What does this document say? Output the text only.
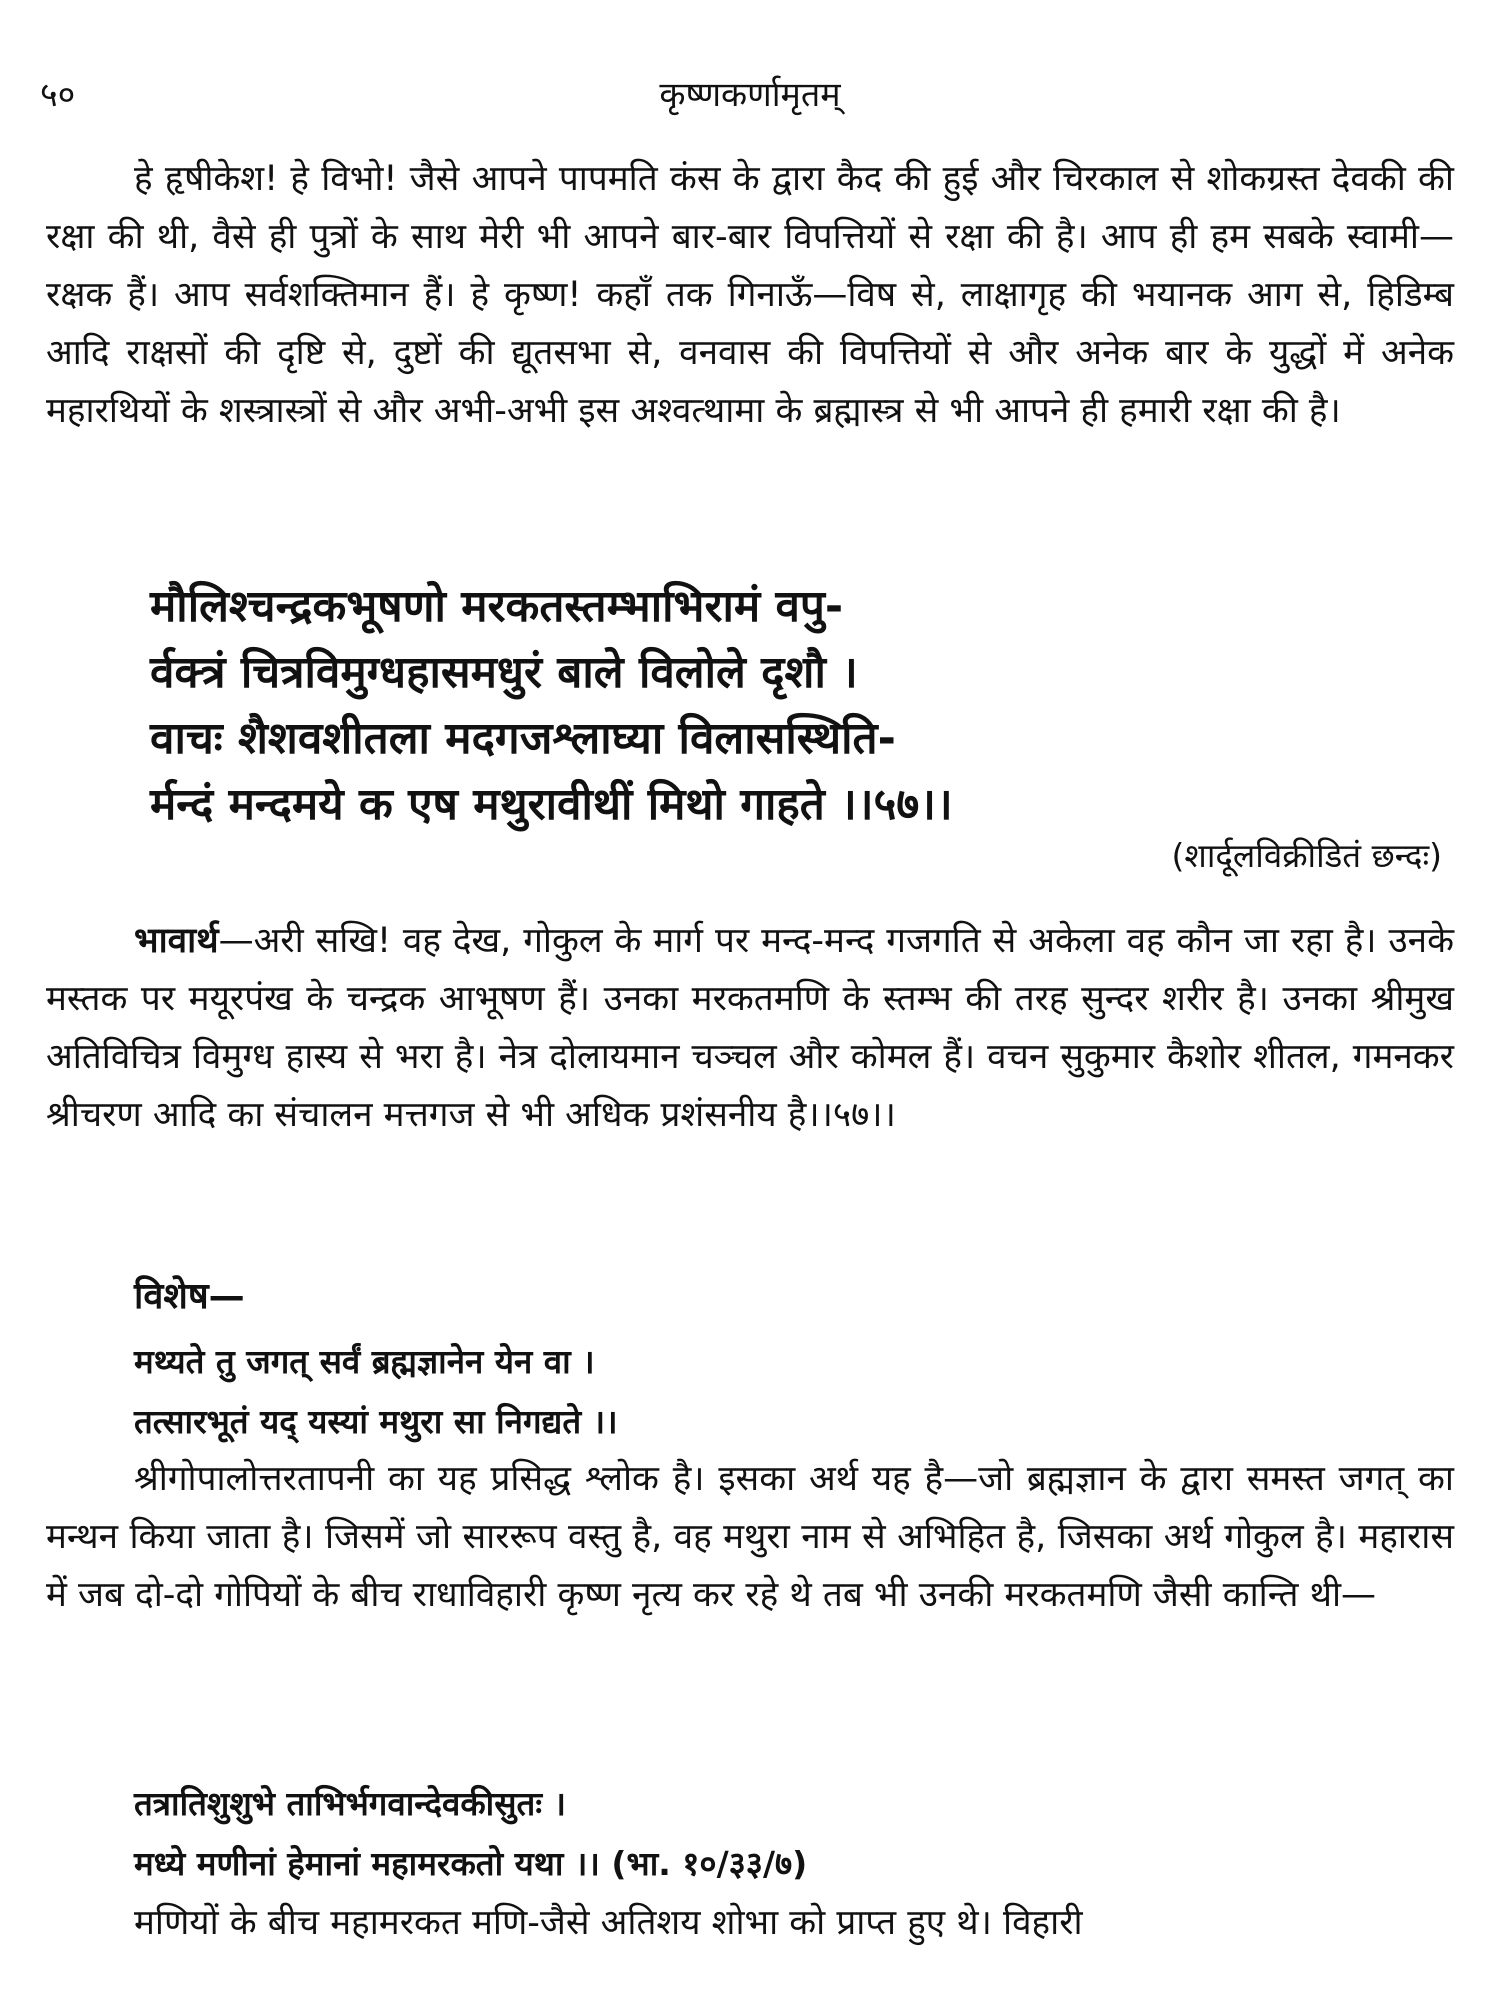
५०	कृष्णकर्णामृतम्

हे हृषीकेश! हे विभो! जैसे आपने पापमति कंस के द्वारा कैद की हुई और चिरकाल से शोकग्रस्त देवकी की रक्षा की थी, वैसे ही पुत्रों के साथ मेरी भी आपने बार-बार विपत्तियों से रक्षा की है। आप ही हम सबके स्वामी—रक्षक हैं। आप सर्वशक्तिमान हैं। हे कृष्ण! कहाँ तक गिनाऊँ—विष से, लाक्षागृह की भयानक आग से, हिडिम्ब आदि राक्षसों की दृष्टि से, दुष्टों की द्यूतसभा से, वनवास की विपत्तियों से और अनेक बार के युद्धों में अनेक महारथियों के शस्त्रास्त्रों से और अभी-अभी इस अश्वत्थामा के ब्रह्मास्त्र से भी आपने ही हमारी रक्षा की है।

मौलिश्चन्द्रकभूषणो मरकतस्तम्भाभिरामं वपु-
र्वक्त्रं चित्रविमुग्धहासमधुरं बाले विलोले दृशौ ।
वाचः शैशवशीतला मदगजश्लाघ्या विलासस्थिति-
र्मन्दं मन्दमये क एष मथुरावीथीं मिथो गाहते ।।५७।।
(शार्दूलविक्रीडितं छन्दः)

भावार्थ—अरी सखि! वह देख, गोकुल के मार्ग पर मन्द-मन्द गजगति से अकेला वह कौन जा रहा है। उनके मस्तक पर मयूरपंख के चन्द्रक आभूषण हैं। उनका मरकतमणि के स्तम्भ की तरह सुन्दर शरीर है। उनका श्रीमुख अतिविचित्र विमुग्ध हास्य से भरा है। नेत्र दोलायमान चञ्चल और कोमल हैं। वचन सुकुमार कैशोर शीतल, गमनकर श्रीचरण आदि का संचालन मत्तगज से भी अधिक प्रशंसनीय है।।५७।।

विशेष—
मथ्यते तु जगत् सर्वं ब्रह्मज्ञानेन येन वा ।
तत्सारभूतं यद् यस्यां मथुरा सा निगद्यते ।।

श्रीगोपालोत्तरतापनी का यह प्रसिद्ध श्लोक है। इसका अर्थ यह है—जो ब्रह्मज्ञान के द्वारा समस्त जगत् का मन्थन किया जाता है। जिसमें जो साररूप वस्तु है, वह मथुरा नाम से अभिहित है, जिसका अर्थ गोकुल है। महारास में जब दो-दो गोपियों के बीच राधाविहारी कृष्ण नृत्य कर रहे थे तब भी उनकी मरकतमणि जैसी कान्ति थी—

तत्रातिशुशुभे ताभिर्भगवान्देवकीसुतः ।
मध्ये मणीनां हेमानां महामरकतो यथा ।। (भा. १०/३३/७)

मणियों के बीच महामरकत मणि-जैसे अतिशय शोभा को प्राप्त हुए थे। विहारी
